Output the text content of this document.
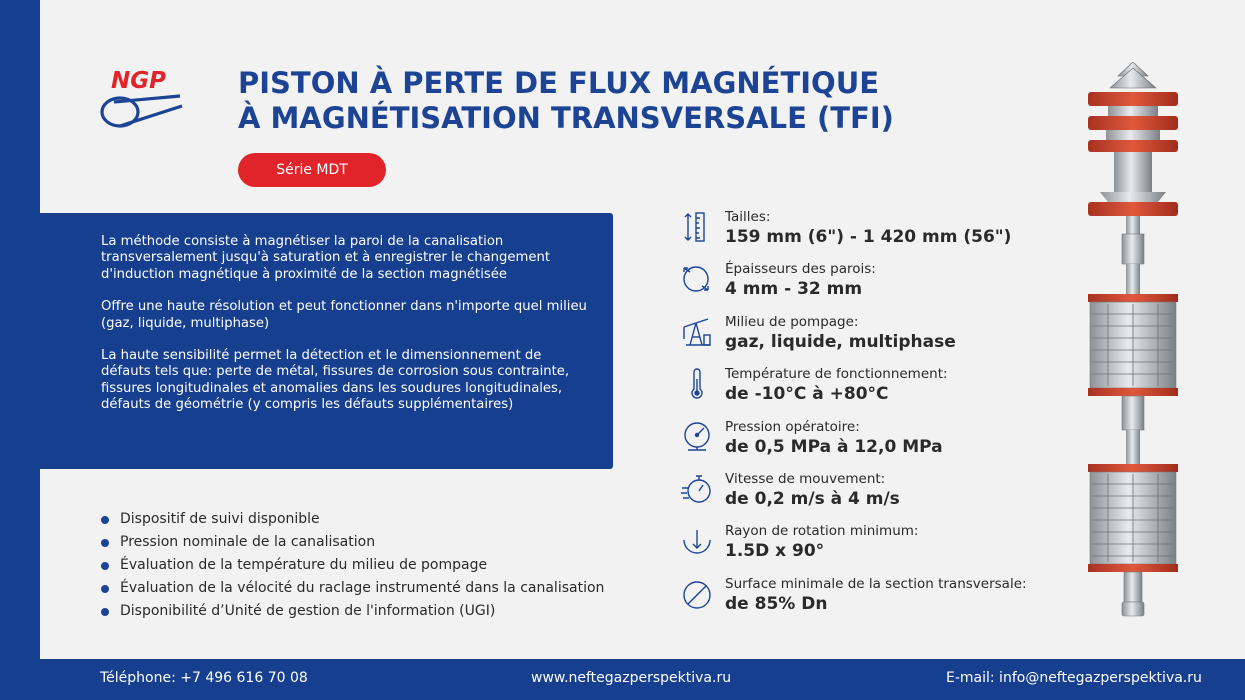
NGP PISTON À PERTE DE FLUX MAGNÉTIQUE
À MAGNÉTISATION TRANSVERSALE (TFI)
Série MDT

La méthode consiste à magnétiser la paroi de la canalisation transversalement jusqu'à saturation et à enregistrer le changement d'induction magnétique à proximité de la section magnétisée

Offre une haute résolution et peut fonctionner dans n'importe quel milieu (gaz, liquide, multiphase)

La haute sensibilité permet la détection et le dimensionnement de défauts tels que: perte de métal, fissures de corrosion sous contrainte, fissures longitudinales et anomalies dans les soudures longitudinales, défauts de géométrie (y compris les défauts supplémentaires)

Dispositif de suivi disponible
Pression nominale de la canalisation
Évaluation de la température du milieu de pompage
Évaluation de la vélocité du raclage instrumenté dans la canalisation
Disponibilité d’Unité de gestion de l'information (UGI)
Tailles:
159 mm (6") - 1 420 mm (56")
Épaisseurs des parois:
4 mm - 32 mm
Milieu de pompage:
gaz, liquide, multiphase
Température de fonctionnement:
de -10°C à +80°C
Pression opératoire:
de 0,5 MPa à 12,0 MPa
Vitesse de mouvement:
de 0,2 m/s à 4 m/s
Rayon de rotation minimum:
1.5D x 90°
Surface minimale de la section transversale:
de 85% Dn
Téléphone: +7 496 616 70 08	www.neftegazperspektiva.ru	E-mail: info@neftegazperspektiva.ru
